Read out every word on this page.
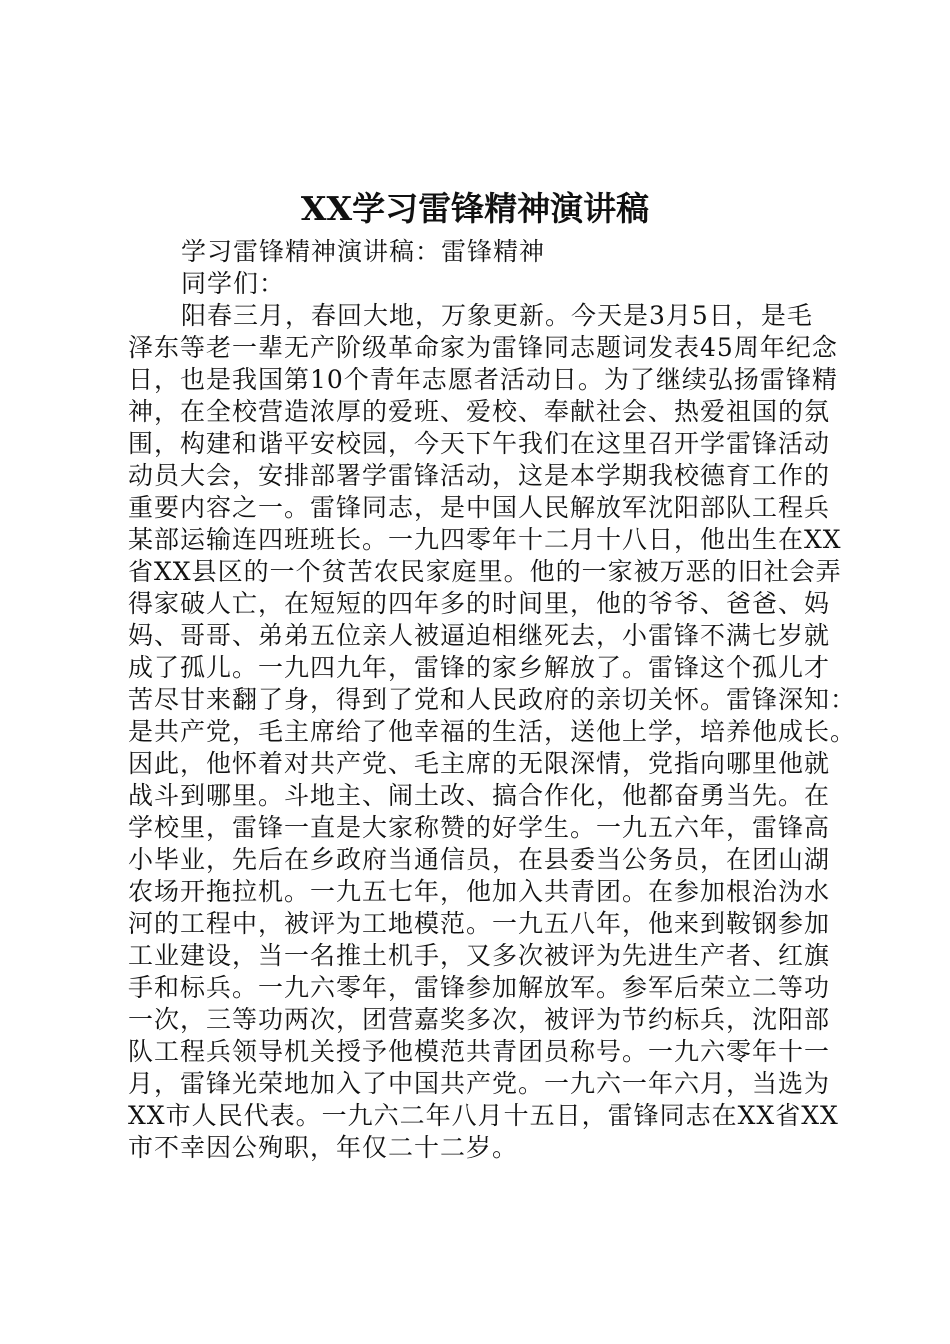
XX学习雷锋精神演讲稿

学习雷锋精神演讲稿：雷锋精神

同学们：

阳春三月，春回大地，万象更新。今天是3月5日，是毛

泽东等老一辈无产阶级革命家为雷锋同志题词发表45周年纪念

日，也是我国第10个青年志愿者活动日。为了继续弘扬雷锋精

神，在全校营造浓厚的爱班、爱校、奉献社会、热爱祖国的氛

围，构建和谐平安校园，今天下午我们在这里召开学雷锋活动

动员大会，安排部署学雷锋活动，这是本学期我校德育工作的

重要内容之一。雷锋同志，是中国人民解放军沈阳部队工程兵

某部运输连四班班长。一九四零年十二月十八日，他出生在XX

省XX县区的一个贫苦农民家庭里。他的一家被万恶的旧社会弄

得家破人亡，在短短的四年多的时间里，他的爷爷、爸爸、妈

妈、哥哥、弟弟五位亲人被逼迫相继死去，小雷锋不满七岁就

成了孤儿。一九四九年，雷锋的家乡解放了。雷锋这个孤儿才

苦尽甘来翻了身，得到了党和人民政府的亲切关怀。雷锋深知：

是共产党，毛主席给了他幸福的生活，送他上学，培养他成长。

因此，他怀着对共产党、毛主席的无限深情，党指向哪里他就

战斗到哪里。斗地主、闹土改、搞合作化，他都奋勇当先。在

学校里，雷锋一直是大家称赞的好学生。一九五六年，雷锋高

小毕业，先后在乡政府当通信员，在县委当公务员，在团山湖

农场开拖拉机。一九五七年，他加入共青团。在参加根治沩水

河的工程中，被评为工地模范。一九五八年，他来到鞍钢参加

工业建设，当一名推土机手，又多次被评为先进生产者、红旗

手和标兵。一九六零年，雷锋参加解放军。参军后荣立二等功

一次，三等功两次，团营嘉奖多次，被评为节约标兵，沈阳部

队工程兵领导机关授予他模范共青团员称号。一九六零年十一

月，雷锋光荣地加入了中国共产党。一九六一年六月，当选为

XX市人民代表。一九六二年八月十五日，雷锋同志在XX省XX

市不幸因公殉职，年仅二十二岁。
